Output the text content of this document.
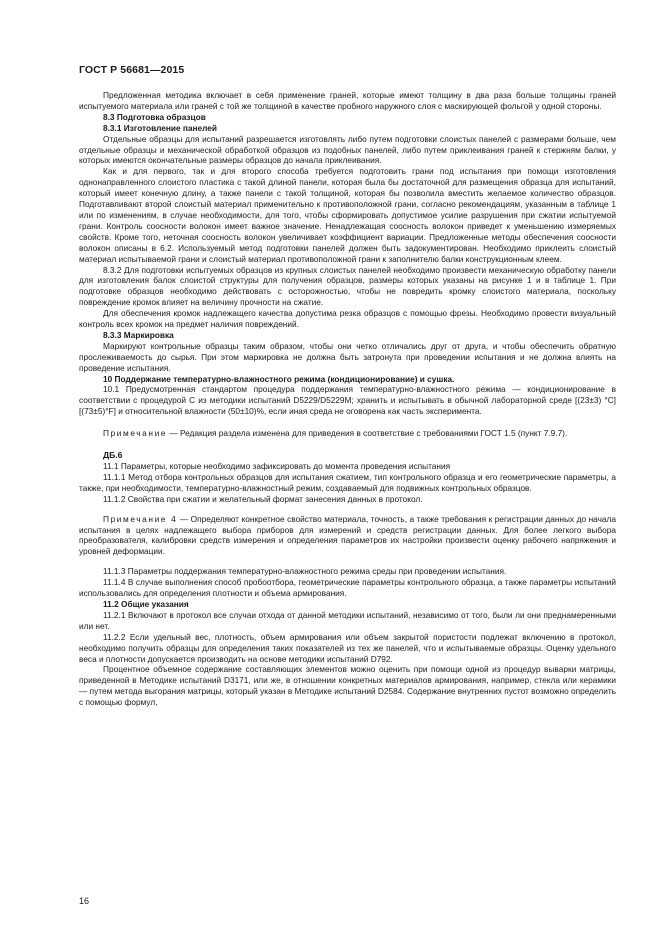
ГОСТ Р 56681—2015

Предложенная методика включает в себя применение граней, которые имеют толщину в два раза больше толщины граней испытуемого материала или граней с той же толщиной в качестве пробного наружного слоя с маскирующей фольгой у одной стороны.

8.3 Подготовка образцов

8.3.1 Изготовление панелей

Отдельные образцы для испытаний разрешается изготовлять либо путем подготовки слоистых панелей с размерами больше, чем отдельные образцы и механической обработкой образцов из подобных панелей, либо путем приклеивания граней к стержням балки, у которых имеются окончательные размеры образцов до начала приклеивания.

Как и для первого, так и для второго способа требуется подготовить грани под испытания при помощи изготовления однонаправленного слоистого пластика с такой длиной панели, которая была бы достаточной для размещения образца для испытаний, который имеет конечную длину, а также панели с такой толщиной, которая бы позволила вместить желаемое количество образцов. Подготавливают второй слоистый материал применительно к противоположной грани, согласно рекомендациям, указанным в таблице 1 или по изменениям, в случае необходимости, для того, чтобы сформировать допустимое усилие разрушения при сжатии испытуемой грани. Контроль соосности волокон имеет важное значение. Ненадлежащая соосность волокон приведет к уменьшению измеряемых свойств. Кроме того, неточная соосность волокон увеличивает коэффициент вариации. Предложенные методы обеспечения соосности волокон описаны в 6.2. Используемый метод подготовки панелей должен быть задокументирован. Необходимо приклеить слоистый материал испытываемой грани и слоистый материал противоположной грани к заполнителю балки конструкционным клеем.

8.3.2 Для подготовки испытуемых образцов из крупных слоистых панелей необходимо произвести механическую обработку панели для изготовления балок слоистой структуры для получения образцов, размеры которых указаны на рисунке 1 и в таблице 1. При подготовке образцов необходимо действовать с осторожностью, чтобы не повредить кромку слоистого материала, поскольку повреждение кромок влияет на величину прочности на сжатие.

Для обеспечения кромок надлежащего качества допустима резка образцов с помощью фрезы. Необходимо провести визуальный контроль всех кромок на предмет наличия повреждений.

8.3.3 Маркировка

Маркируют контрольные образцы таким образом, чтобы они четко отличались друг от друга, и чтобы обеспечить обратную прослеживаемость до сырья. При этом маркировка не должна быть затронута при проведении испытания и не должна влиять на проведение испытания.

10 Поддержание температурно-влажностного режима (кондиционирование) и сушка.

10.1 Предусмотренная стандартом процедура поддержания температурно-влажностного режима — кондиционирование в соответствии с процедурой С из методики испытаний D5229/D5229M; хранить и испытывать в обычной лабораторной среде [(23±3) °С] [(73±5)°F] и относительной влажности (50±10)%, если иная среда не оговорена как часть эксперимента.

Примечание — Редакция раздела изменена для приведения в соответствие с требованиями ГОСТ 1.5 (пункт 7.9.7).

ДБ.6

11.1 Параметры, которые необходимо зафиксировать до момента проведения испытания

11.1.1 Метод отбора контрольных образцов для испытания сжатием, тип контрольного образца и его геометрические параметры, а также, при необходимости, температурно-влажностный режим, создаваемый для подвижных контрольных образцов.

11.1.2 Свойства при сжатии и желательный формат занесения данных в протокол.

Примечание 4 — Определяют конкретное свойство материала, точность, а также требования к регистрации данных до начала испытания в целях надлежащего выбора приборов для измерений и средств регистрации данных. Для более легкого выбора преобразователя, калибровки средств измерения и определения параметров их настройки произвести оценку рабочего напряжения и уровней деформации.

11.1.3 Параметры поддержания температурно-влажностного режима среды при проведении испытания.

11.1.4 В случае выполнения способ пробоотбора, геометрические параметры контрольного образца, а также параметры испытаний использовались для определения плотности и объема армирования.

11.2 Общие указания

11.2.1 Включают в протокол все случаи отхода от данной методики испытаний, независимо от того, были ли они преднамеренными или нет.

11.2.2 Если удельный вес, плотность, объем армирования или объем закрытой пористости подлежат включению в протокол, необходимо получить образцы для определения таких показателей из тех же панелей, что и испытываемые образцы. Оценку удельного веса и плотности допускается производить на основе методики испытаний D792.

Процентное объемное содержание составляющих элементов можно оценить при помощи одной из процедур выварки матрицы, приведенной в Методике испытаний D3171, или же, в отношении конкретных материалов армирования, например, стекла или керамики — путем метода выгорания матрицы, который указан в Методике испытаний D2584. Содержание внутренних пустот возможно определить с помощью формул,

16
